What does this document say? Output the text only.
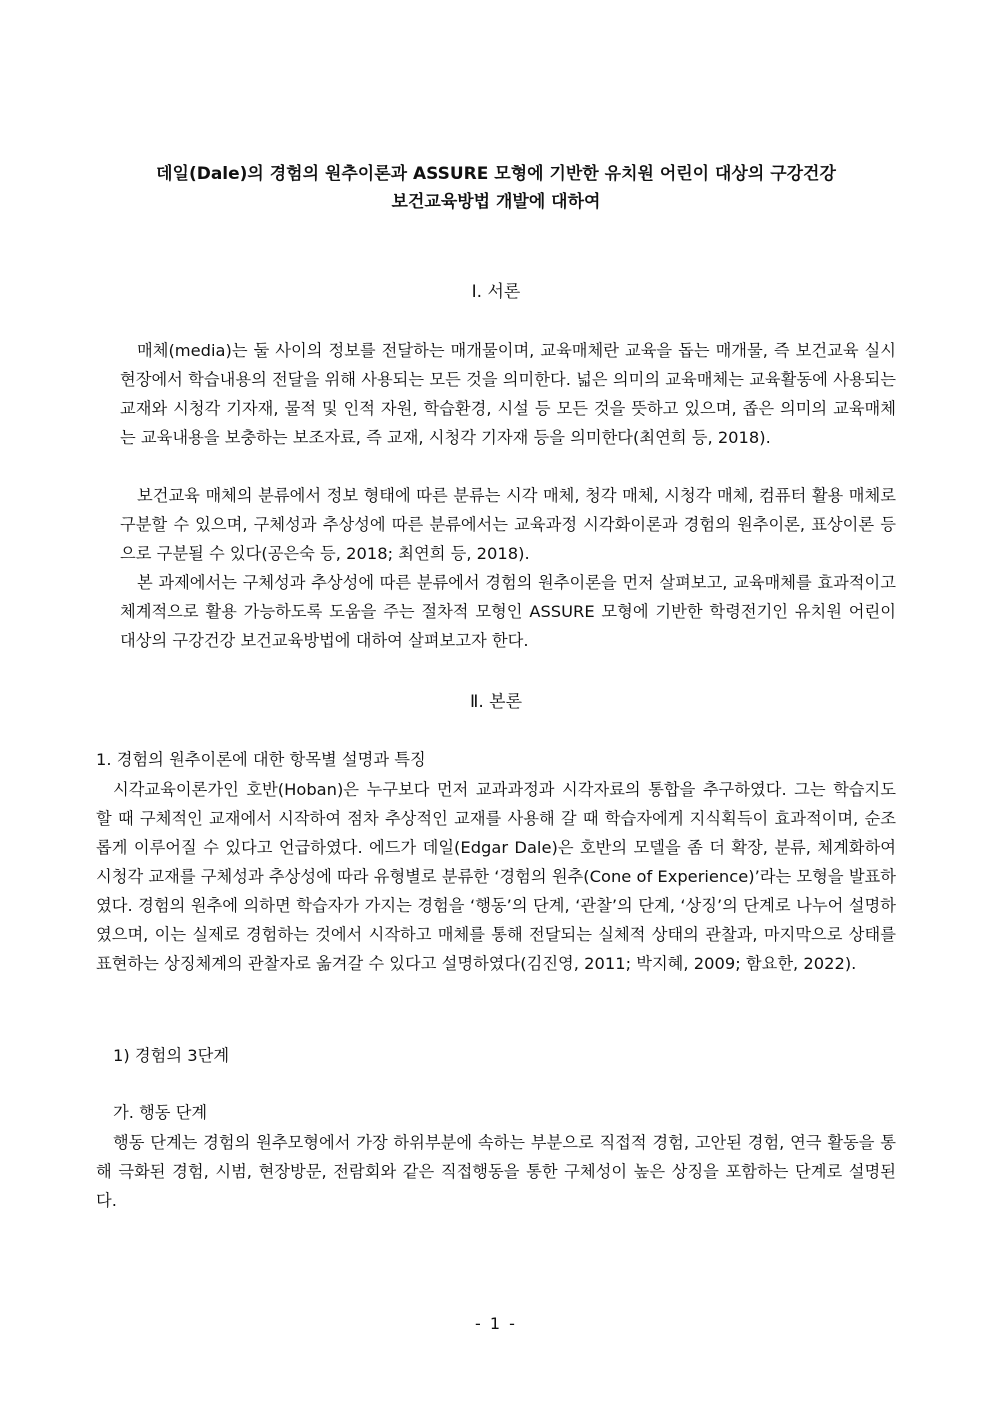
데일(Dale)의 경험의 원추이론과 ASSURE 모형에 기반한 유치원 어린이 대상의 구강건강
보건교육방법 개발에 대하여
Ⅰ. 서론

매체(media)는 둘 사이의 정보를 전달하는 매개물이며, 교육매체란 교육을 돕는 매개물, 즉 보건교육 실시현장에서 학습내용의 전달을 위해 사용되는 모든 것을 의미한다. 넓은 의미의 교육매체는 교육활동에 사용되는 교재와 시청각 기자재, 물적 및 인적 자원, 학습환경, 시설 등 모든 것을 뜻하고 있으며, 좁은 의미의 교육매체는 교육내용을 보충하는 보조자료, 즉 교재, 시청각 기자재 등을 의미한다(최연희 등, 2018).

보건교육 매체의 분류에서 정보 형태에 따른 분류는 시각 매체, 청각 매체, 시청각 매체, 컴퓨터 활용 매체로 구분할 수 있으며, 구체성과 추상성에 따른 분류에서는 교육과정 시각화이론과 경험의 원추이론, 표상이론 등으로 구분될 수 있다(공은숙 등, 2018; 최연희 등, 2018).

본 과제에서는 구체성과 추상성에 따른 분류에서 경험의 원추이론을 먼저 살펴보고, 교육매체를 효과적이고 체계적으로 활용 가능하도록 도움을 주는 절차적 모형인 ASSURE 모형에 기반한 학령전기인 유치원 어린이 대상의 구강건강 보건교육방법에 대하여 살펴보고자 한다.

Ⅱ. 본론
1. 경험의 원추이론에 대한 항목별 설명과 특징

시각교육이론가인 호반(Hoban)은 누구보다 먼저 교과과정과 시각자료의 통합을 추구하였다. 그는 학습지도 할 때 구체적인 교재에서 시작하여 점차 추상적인 교재를 사용해 갈 때 학습자에게 지식획득이 효과적이며, 순조롭게 이루어질 수 있다고 언급하였다. 에드가 데일(Edgar Dale)은 호반의 모델을 좀 더 확장, 분류, 체계화하여 시청각 교재를 구체성과 추상성에 따라 유형별로 분류한 ‘경험의 원추(Cone of Experience)’라는 모형을 발표하였다. 경험의 원추에 의하면 학습자가 가지는 경험을 ‘행동’의 단계, ‘관찰’의 단계, ‘상징’의 단계로 나누어 설명하였으며, 이는 실제로 경험하는 것에서 시작하고 매체를 통해 전달되는 실체적 상태의 관찰과, 마지막으로 상태를 표현하는 상징체계의 관찰자로 옮겨갈 수 있다고 설명하였다(김진영, 2011; 박지혜, 2009; 함요한, 2022).

1) 경험의 3단계
가. 행동 단계

행동 단계는 경험의 원추모형에서 가장 하위부분에 속하는 부분으로 직접적 경험, 고안된 경험, 연극 활동을 통해 극화된 경험, 시범, 현장방문, 전람회와 같은 직접행동을 통한 구체성이 높은 상징을 포함하는 단계로 설명된다.

- 1 -
